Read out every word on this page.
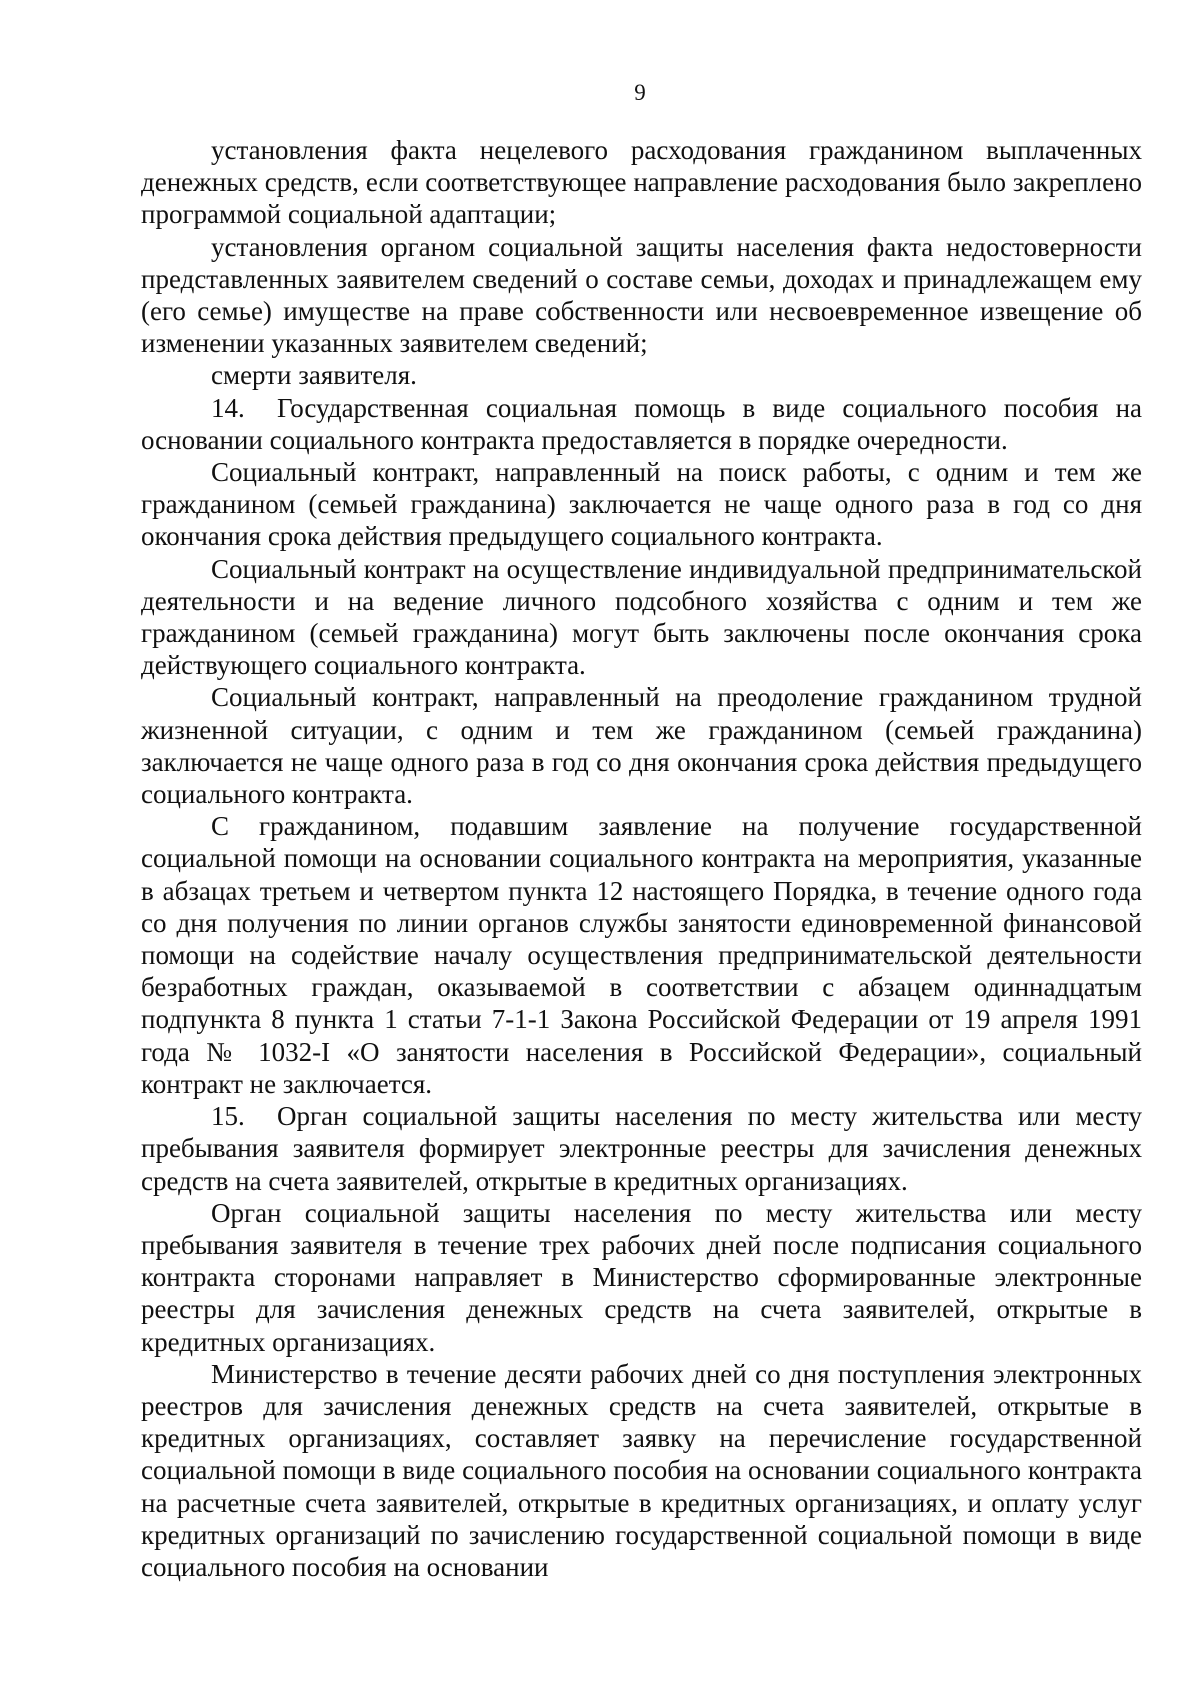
9

установления факта нецелевого расходования гражданином выплаченных денежных средств, если соответствующее направление расходования было закреплено программой социальной адаптации;

установления органом социальной защиты населения факта недостоверности представленных заявителем сведений о составе семьи, доходах и принадлежащем ему (его семье) имуществе на праве собственности или несвоевременное извещение об изменении указанных заявителем сведений;

смерти заявителя.

14. Государственная социальная помощь в виде социального пособия на основании социального контракта предоставляется в порядке очередности.

Социальный контракт, направленный на поиск работы, с одним и тем же гражданином (семьей гражданина) заключается не чаще одного раза в год со дня окончания срока действия предыдущего социального контракта.

Социальный контракт на осуществление индивидуальной предпринимательской деятельности и на ведение личного подсобного хозяйства с одним и тем же гражданином (семьей гражданина) могут быть заключены после окончания срока действующего социального контракта.

Социальный контракт, направленный на преодоление гражданином трудной жизненной ситуации, с одним и тем же гражданином (семьей гражданина) заключается не чаще одного раза в год со дня окончания срока действия предыдущего социального контракта.

С гражданином, подавшим заявление на получение государственной социальной помощи на основании социального контракта на мероприятия, указанные в абзацах третьем и четвертом пункта 12 настоящего Порядка, в течение одного года со дня получения по линии органов службы занятости единовременной финансовой помощи на содействие началу осуществления предпринимательской деятельности безработных граждан, оказываемой в соответствии с абзацем одиннадцатым подпункта 8 пункта 1 статьи 7-1-1 Закона Российской Федерации от 19 апреля 1991 года № 1032-I «О занятости населения в Российской Федерации», социальный контракт не заключается.

15. Орган социальной защиты населения по месту жительства или месту пребывания заявителя формирует электронные реестры для зачисления денежных средств на счета заявителей, открытые в кредитных организациях.

Орган социальной защиты населения по месту жительства или месту пребывания заявителя в течение трех рабочих дней после подписания социального контракта сторонами направляет в Министерство сформированные электронные реестры для зачисления денежных средств на счета заявителей, открытые в кредитных организациях.

Министерство в течение десяти рабочих дней со дня поступления электронных реестров для зачисления денежных средств на счета заявителей, открытые в кредитных организациях, составляет заявку на перечисление государственной социальной помощи в виде социального пособия на основании социального контракта на расчетные счета заявителей, открытые в кредитных организациях, и оплату услуг кредитных организаций по зачислению государственной социальной помощи в виде социального пособия на основании
